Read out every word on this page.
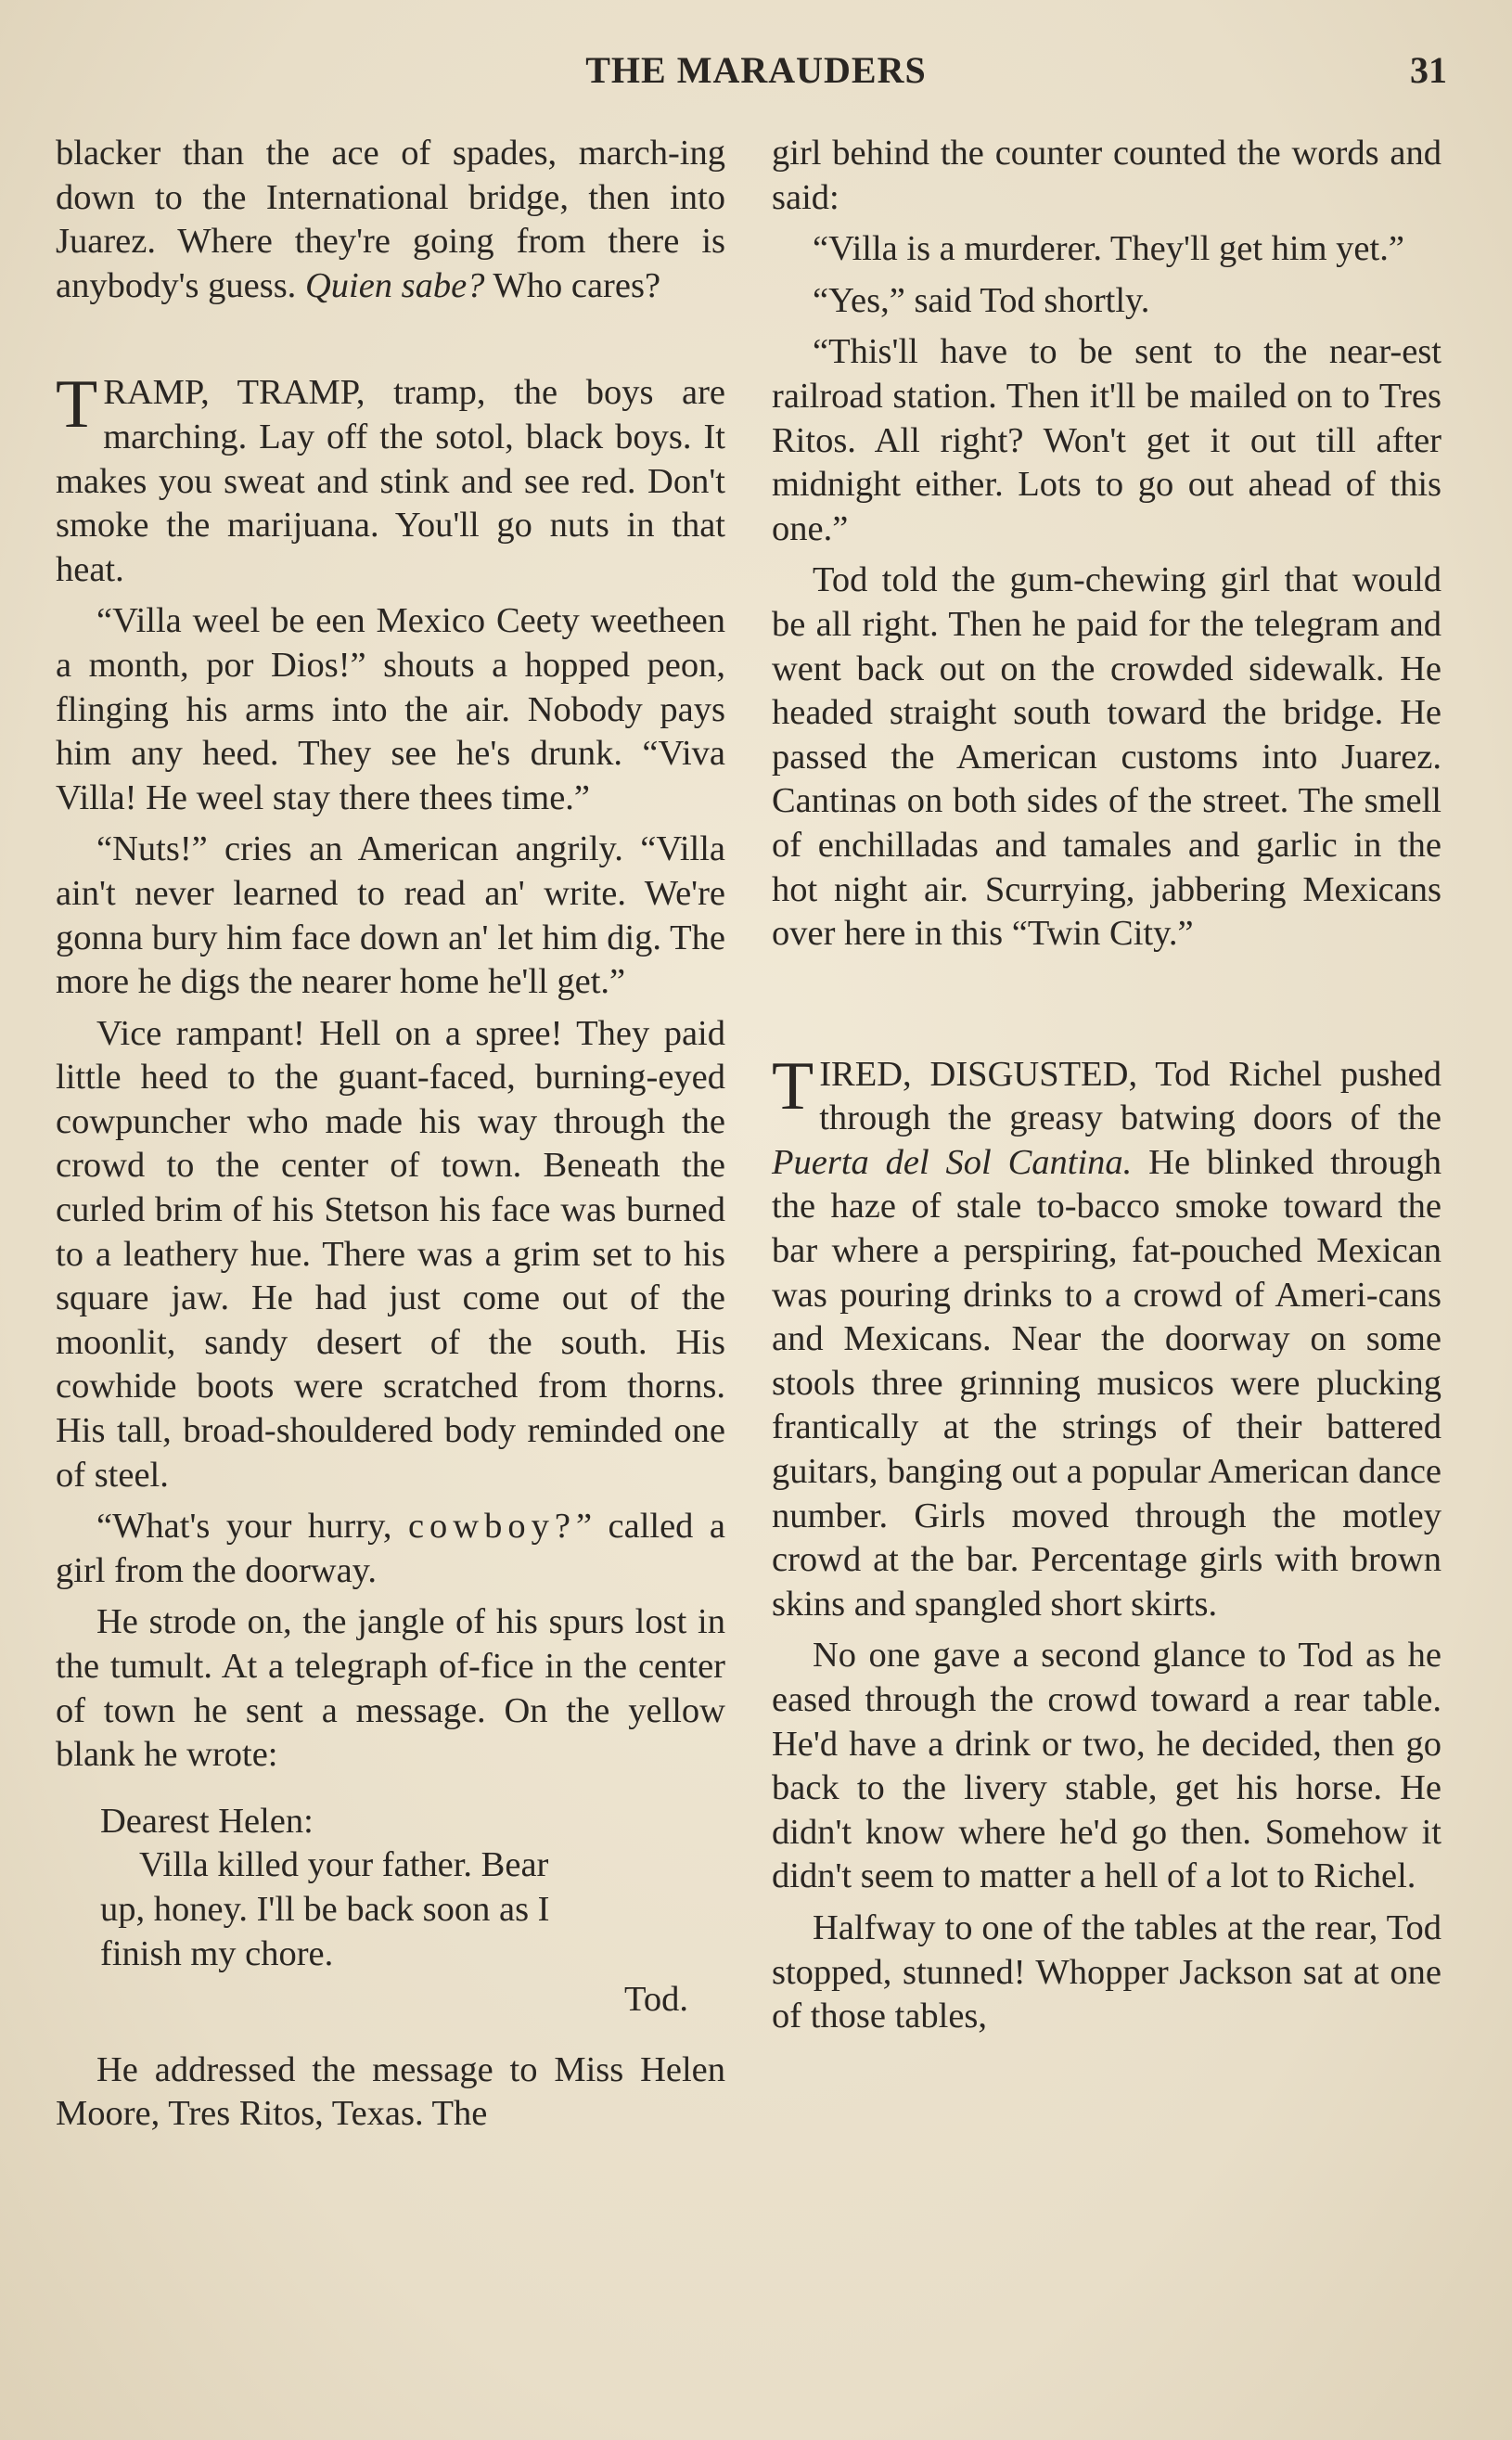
THE MARAUDERS	31

blacker than the ace of spades, march-ing down to the International bridge, then into Juarez. Where they're going from there is anybody's guess. Quien sabe? Who cares?

TRAMP, TRAMP, tramp, the boys are marching. Lay off the sotol, black boys. It makes you sweat and stink and see red. Don't smoke the marijuana. You'll go nuts in that heat.

“Villa weel be een Mexico Ceety weetheen a month, por Dios!” shouts a hopped peon, flinging his arms into the air. Nobody pays him any heed. They see he's drunk. “Viva Villa! He weel stay there thees time.”

“Nuts!” cries an American angrily. “Villa ain't never learned to read an' write. We're gonna bury him face down an' let him dig. The more he digs the nearer home he'll get.”

Vice rampant! Hell on a spree! They paid little heed to the guant-faced, burning-eyed cowpuncher who made his way through the crowd to the center of town. Beneath the curled brim of his Stetson his face was burned to a leathery hue. There was a grim set to his square jaw. He had just come out of the moonlit, sandy desert of the south. His cowhide boots were scratched from thorns. His tall, broad-shouldered body reminded one of steel.

“What's your hurry, cowboy?” called a girl from the doorway.

He strode on, the jangle of his spurs lost in the tumult. At a telegraph of-fice in the center of town he sent a message. On the yellow blank he wrote:

Dearest Helen:
Villa killed your father. Bear
up, honey. I'll be back soon as I
finish my chore.
Tod.

He addressed the message to Miss Helen Moore, Tres Ritos, Texas. The

girl behind the counter counted the words and said:

“Villa is a murderer. They'll get him yet.”

“Yes,” said Tod shortly.

“This'll have to be sent to the near-est railroad station. Then it'll be mailed on to Tres Ritos. All right? Won't get it out till after midnight either. Lots to go out ahead of this one.”

Tod told the gum-chewing girl that would be all right. Then he paid for the telegram and went back out on the crowded sidewalk. He headed straight south toward the bridge. He passed the American customs into Juarez. Cantinas on both sides of the street. The smell of enchilladas and tamales and garlic in the hot night air. Scurrying, jabbering Mexicans over here in this “Twin City.”

TIRED, DISGUSTED, Tod Richel pushed through the greasy batwing doors of the Puerta del Sol Cantina. He blinked through the haze of stale to-bacco smoke toward the bar where a perspiring, fat-pouched Mexican was pouring drinks to a crowd of Ameri-cans and Mexicans. Near the doorway on some stools three grinning musicos were plucking frantically at the strings of their battered guitars, banging out a popular American dance number. Girls moved through the motley crowd at the bar. Percentage girls with brown skins and spangled short skirts.

No one gave a second glance to Tod as he eased through the crowd toward a rear table. He'd have a drink or two, he decided, then go back to the livery stable, get his horse. He didn't know where he'd go then. Somehow it didn't seem to matter a hell of a lot to Richel.

Halfway to one of the tables at the rear, Tod stopped, stunned! Whopper Jackson sat at one of those tables,
